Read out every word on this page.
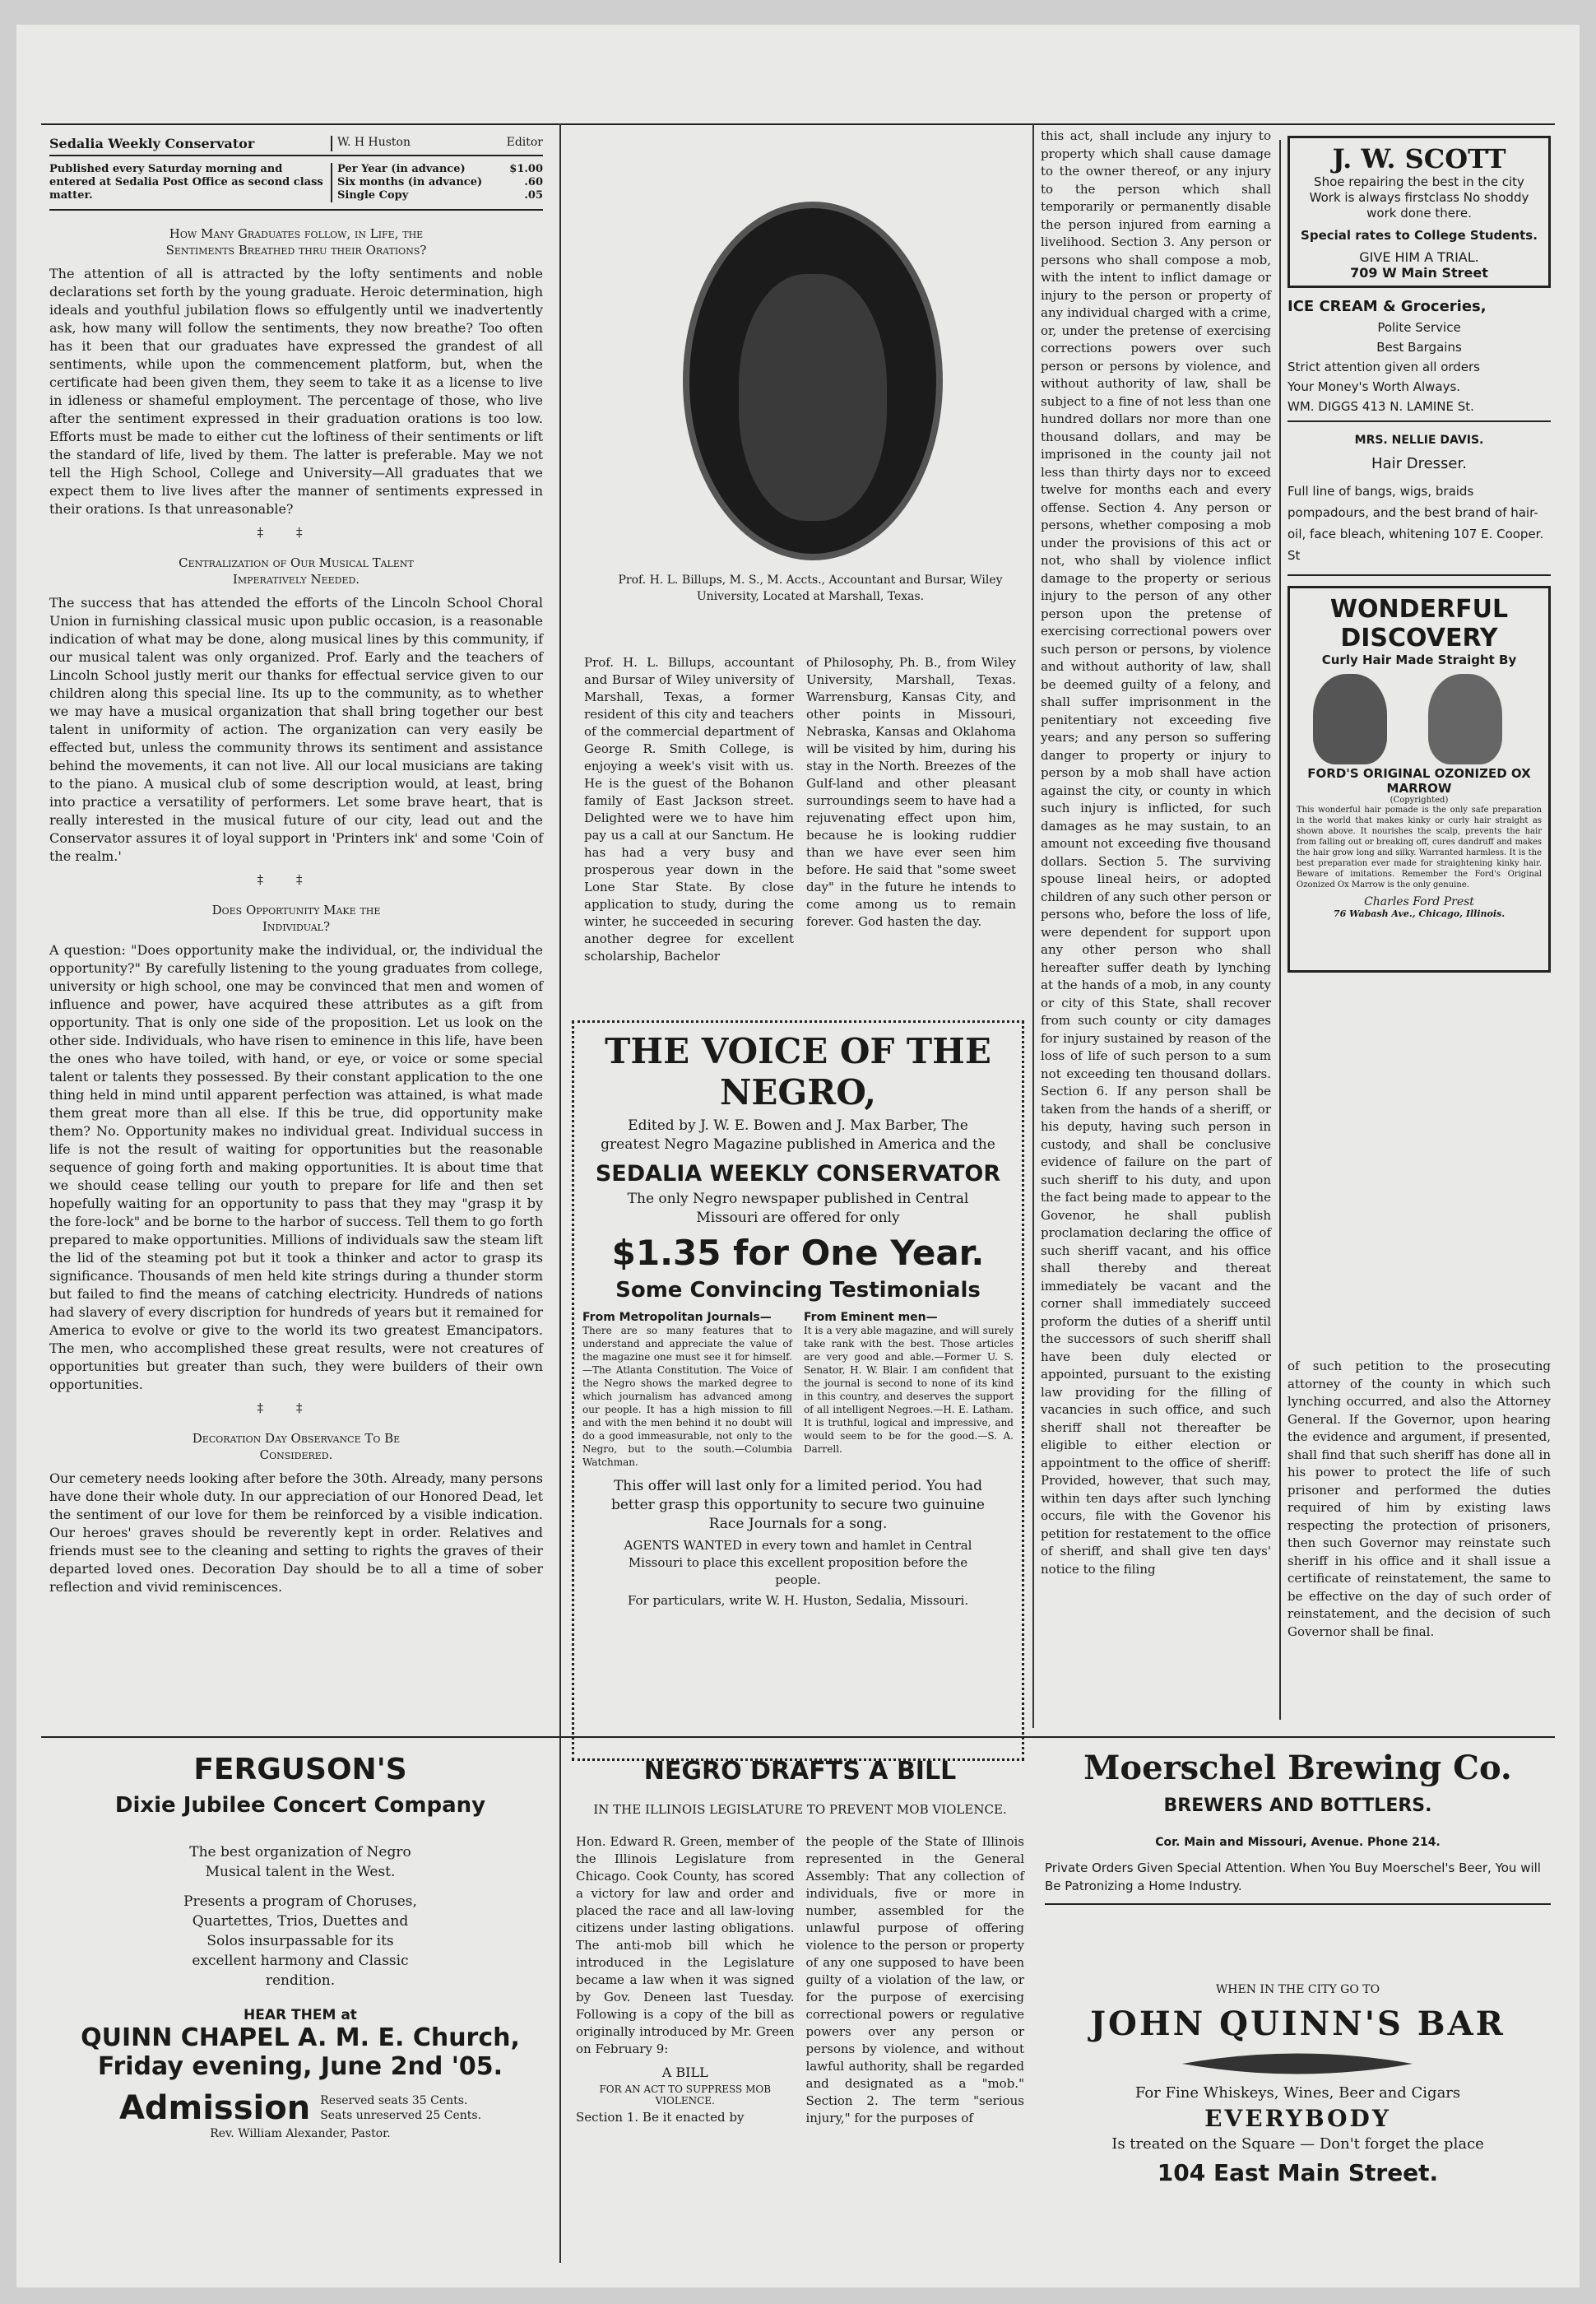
Sedalia Weekly Conservator	W. H Huston	Editor
Published every Saturday morning and entered at Sedalia Post Office as second class matter.
Per Year (in advance)	$1.00
Six months (in advance)	.60
Single Copy	.05
How Many Graduates follow, in Life, the Sentiments Breathed thru their Orations?

The attention of all is attracted by the lofty sentiments and noble declarations set forth by the young graduate. Heroic determination, high ideals and youthful jubilation flows so effulgently until we inadvertently ask, how many will follow the sentiments, they now breathe? Too often has it been that our graduates have expressed the grandest of all sentiments, while upon the commencement platform, but, when the certificate had been given them, they seem to take it as a license to live in idleness or shameful employment. The percentage of those, who live after the sentiment expressed in their graduation orations is too low. Efforts must be made to either cut the loftiness of their sentiments or lift the standard of life, lived by them. The latter is preferable. May we not tell the High School, College and University—All graduates that we expect them to live lives after the manner of sentiments expressed in their orations. Is that unreasonable?

‡‡
Centralization of Our Musical Talent Imperatively Needed.

The success that has attended the efforts of the Lincoln School Choral Union in furnishing classical music upon public occasion, is a reasonable indication of what may be done, along musical lines by this community, if our musical talent was only organized. Prof. Early and the teachers of Lincoln School justly merit our thanks for effectual service given to our children along this special line. Its up to the community, as to whether we may have a musical organization that shall bring together our best talent in uniformity of action. The organization can very easily be effected but, unless the community throws its sentiment and assistance behind the movements, it can not live. All our local musicians are taking to the piano. A musical club of some description would, at least, bring into practice a versatility of performers. Let some brave heart, that is really interested in the musical future of our city, lead out and the Conservator assures it of loyal support in 'Printers ink' and some 'Coin of the realm.'

‡‡
Does Opportunity Make the Individual?

A question: "Does opportunity make the individual, or, the individual the opportunity?" By carefully listening to the young graduates from college, university or high school, one may be convinced that men and women of influence and power, have acquired these attributes as a gift from opportunity. That is only one side of the proposition. Let us look on the other side. Individuals, who have risen to eminence in this life, have been the ones who have toiled, with hand, or eye, or voice or some special talent or talents they possessed. By their constant application to the one thing held in mind until apparent perfection was attained, is what made them great more than all else. If this be true, did opportunity make them? No. Opportunity makes no individual great. Individual success in life is not the result of waiting for opportunities but the reasonable sequence of going forth and making opportunities. It is about time that we should cease telling our youth to prepare for life and then set hopefully waiting for an opportunity to pass that they may "grasp it by the fore-lock" and be borne to the harbor of success. Tell them to go forth prepared to make opportunities. Millions of individuals saw the steam lift the lid of the steaming pot but it took a thinker and actor to grasp its significance. Thousands of men held kite strings during a thunder storm but failed to find the means of catching electricity. Hundreds of nations had slavery of every discription for hundreds of years but it remained for America to evolve or give to the world its two greatest Emancipators. The men, who accomplished these great results, were not creatures of opportunities but greater than such, they were builders of their own opportunities.

‡‡
Decoration Day Observance To Be Considered.

Our cemetery needs looking after before the 30th. Already, many persons have done their whole duty. In our appreciation of our Honored Dead, let the sentiment of our love for them be reinforced by a visible indication. Our heroes' graves should be reverently kept in order. Relatives and friends must see to the cleaning and setting to rights the graves of their departed loved ones. Decoration Day should be to all a time of sober reflection and vivid reminiscences.

Prof. H. L. Billups, M. S., M. Accts., Accountant and Bursar, Wiley University, Located at Marshall, Texas.

Prof. H. L. Billups, accountant and Bursar of Wiley university of Marshall, Texas, a former resident of this city and teachers of the commercial department of George R. Smith College, is enjoying a week's visit with us. He is the guest of the Bohanon family of East Jackson street. Delighted were we to have him pay us a call at our Sanctum. He has had a very busy and prosperous year down in the Lone Star State. By close application to study, during the winter, he succeeded in securing another degree for excellent scholarship, Bachelor

of Philosophy, Ph. B., from Wiley University, Marshall, Texas. Warrensburg, Kansas City, and other points in Missouri, Nebraska, Kansas and Oklahoma will be visited by him, during his stay in the North. Breezes of the Gulf-land and other pleasant surroundings seem to have had a rejuvenating effect upon him, because he is looking ruddier than we have ever seen him before. He said that "some sweet day" in the future he intends to come among us to remain forever. God hasten the day.

THE VOICE OF THE
NEGRO,
Edited by J. W. E. Bowen and J. Max Barber, The greatest Negro Magazine published in America and the
SEDALIA WEEKLY CONSERVATOR
The only Negro newspaper published in Central Missouri are offered for only
$1.35 for One Year.
Some Convincing Testimonials
From Metropolitan Journals—

There are so many features that to understand and appreciate the value of the magazine one must see it for himself.—The Atlanta Constitution. The Voice of the Negro shows the marked degree to which journalism has advanced among our people. It has a high mission to fill and with the men behind it no doubt will do a good immeasurable, not only to the Negro, but to the south.—Columbia Watchman.

From Eminent men—

It is a very able magazine, and will surely take rank with the best. Those articles are very good and able.—Former U. S. Senator, H. W. Blair. I am confident that the journal is second to none of its kind in this country, and deserves the support of all intelligent Negroes.—H. E. Latham. It is truthful, logical and impressive, and would seem to be for the good.—S. A. Darrell.

This offer will last only for a limited period. You had better grasp this opportunity to secure two guinuine Race Journals for a song.
AGENTS WANTED in every town and hamlet in Central Missouri to place this excellent proposition before the people.
For particulars, write W. H. Huston, Sedalia, Missouri.

this act, shall include any injury to property which shall cause damage to the owner thereof, or any injury to the person which shall temporarily or permanently disable the person injured from earning a livelihood. Section 3. Any person or persons who shall compose a mob, with the intent to inflict damage or injury to the person or property of any individual charged with a crime, or, under the pretense of exercising corrections powers over such person or persons by violence, and without authority of law, shall be subject to a fine of not less than one hundred dollars nor more than one thousand dollars, and may be imprisoned in the county jail not less than thirty days nor to exceed twelve for months each and every offense. Section 4. Any person or persons, whether composing a mob under the provisions of this act or not, who shall by violence inflict damage to the property or serious injury to the person of any other person upon the pretense of exercising correctional powers over such person or persons, by violence and without authority of law, shall be deemed guilty of a felony, and shall suffer imprisonment in the penitentiary not exceeding five years; and any person so suffering danger to property or injury to person by a mob shall have action against the city, or county in which such injury is inflicted, for such damages as he may sustain, to an amount not exceeding five thousand dollars. Section 5. The surviving spouse lineal heirs, or adopted children of any such other person or persons who, before the loss of life, were dependent for support upon any other person who shall hereafter suffer death by lynching at the hands of a mob, in any county or city of this State, shall recover from such county or city damages for injury sustained by reason of the loss of life of such person to a sum not exceeding ten thousand dollars. Section 6. If any person shall be taken from the hands of a sheriff, or his deputy, having such person in custody, and shall be conclusive evidence of failure on the part of such sheriff to his duty, and upon the fact being made to appear to the Govenor, he shall publish proclamation declaring the office of such sheriff vacant, and his office shall thereby and thereat immediately be vacant and the corner shall immediately succeed proform the duties of a sheriff until the successors of such sheriff shall have been duly elected or appointed, pursuant to the existing law providing for the filling of vacancies in such office, and such sheriff shall not thereafter be eligible to either election or appointment to the office of sheriff: Provided, however, that such may, within ten days after such lynching occurs, file with the Govenor his petition for restatement to the office of sheriff, and shall give ten days' notice to the filing

J. W. SCOTT
Shoe repairing the best in the city Work is always firstclass No shoddy work done there.
Special rates to College Students.
GIVE HIM A TRIAL.
709 W Main Street
ICE CREAM & Groceries,
Polite Service
Best Bargains
Strict attention given all orders
Your Money's Worth Always.
WM. DIGGS 413 N. LAMINE St.
MRS. NELLIE DAVIS.
Hair Dresser.
Full line of bangs, wigs, braids pompadours, and the best brand of hair-oil, face bleach, whitening 107 E. Cooper. St
WONDERFUL
DISCOVERY
Curly Hair Made Straight By
FORD'S ORIGINAL OZONIZED OX MARROW
(Copyrighted)
This wonderful hair pomade is the only safe preparation in the world that makes kinky or curly hair straight as shown above. It nourishes the scalp, prevents the hair from falling out or breaking off, cures dandruff and makes the hair grow long and silky. Warranted harmless. It is the best preparation ever made for straightening kinky hair. Beware of imitations. Remember the Ford's Original Ozonized Ox Marrow is the only genuine.
Charles Ford Prest
76 Wabash Ave., Chicago, Illinois.

of such petition to the prosecuting attorney of the county in which such lynching occurred, and also the Attorney General. If the Governor, upon hearing the evidence and argument, if presented, shall find that such sheriff has done all in his power to protect the life of such prisoner and performed the duties required of him by existing laws respecting the protection of prisoners, then such Governor may reinstate such sheriff in his office and it shall issue a certificate of reinstatement, the same to be effective on the day of such order of reinstatement, and the decision of such Governor shall be final.

FERGUSON'S
Dixie Jubilee Concert Company
The best organization of Negro Musical talent in the West.
Presents a program of Choruses, Quartettes, Trios, Duettes and Solos insurpassable for its excellent harmony and Classic rendition.
HEAR THEM at
QUINN CHAPEL A. M. E. Church,
Friday evening, June 2nd '05.
Admission Reserved seats 35 Cents.
Seats unreserved 25 Cents.
Rev. William Alexander, Pastor.
NEGRO DRAFTS A BILL
IN THE ILLINOIS LEGISLATURE TO PREVENT MOB VIOLENCE.

Hon. Edward R. Green, member of the Illinois Legislature from Chicago. Cook County, has scored a victory for law and order and placed the race and all law-loving citizens under lasting obligations. The anti-mob bill which he introduced in the Legislature became a law when it was signed by Gov. Deneen last Tuesday. Following is a copy of the bill as originally introduced by Mr. Green on February 9:

A BILL
FOR AN ACT TO SUPPRESS MOB VIOLENCE.
Section 1. Be it enacted by

the people of the State of Illinois represented in the General Assembly: That any collection of individuals, five or more in number, assembled for the unlawful purpose of offering violence to the person or property of any one supposed to have been guilty of a violation of the law, or for the purpose of exercising correctional powers or regulative powers over any person or persons by violence, and without lawful authority, shall be regarded and designated as a "mob." Section 2. The term "serious injury," for the purposes of

Moerschel Brewing Co.
BREWERS AND BOTTLERS.
Cor. Main and Missouri, Avenue. Phone 214.
Private Orders Given Special Attention. When You Buy Moerschel's Beer, You will Be Patronizing a Home Industry.
WHEN IN THE CITY GO TO
JOHN QUINN'S BAR
For Fine Whiskeys, Wines, Beer and Cigars
EVERYBODY
Is treated on the Square — Don't forget the place
104 East Main Street.
